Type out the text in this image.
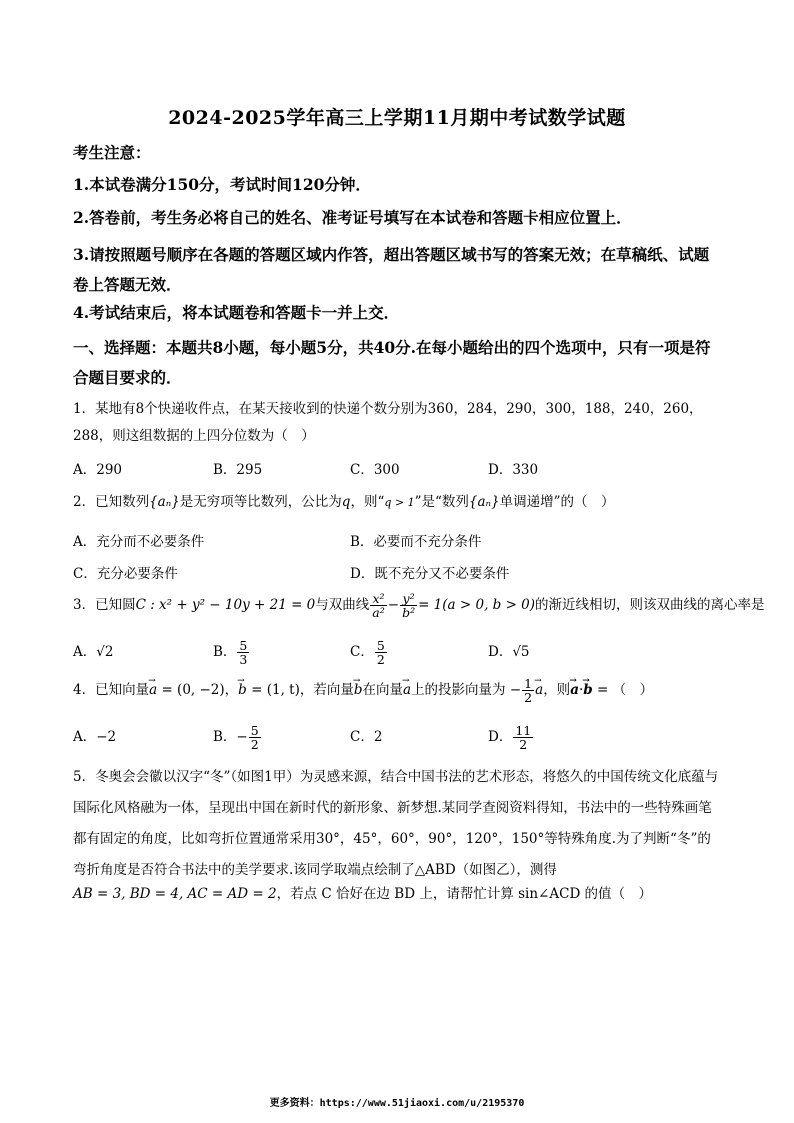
2024-2025学年高三上学期11月期中考试数学试题
考生注意：
1.本试卷满分150分，考试时间120分钟．
2.答卷前，考生务必将自己的姓名、准考证号填写在本试卷和答题卡相应位置上．
3.请按照题号顺序在各题的答题区域内作答，超出答题区域书写的答案无效；在草稿纸、试题卷上答题无效．
4.考试结束后，将本试题卷和答题卡一并上交．
一、选择题：本题共8小题，每小题5分，共40分.在每小题给出的四个选项中，只有一项是符合题目要求的．
1．某地有8个快递收件点，在某天接收到的快递个数分别为360，284，290，300，188，240，260，288，则这组数据的上四分位数为（　）
A．290	B．295	C．300	D．330
2．已知数列{aₙ}是无穷项等比数列，公比为q，则“q > 1”是“数列{aₙ}单调递增”的（　）
A．充分而不必要条件	B．必要而不充分条件
C．充分必要条件	D．既不充分又不必要条件
3．已知圆C : x² + y² − 10y + 21 = 0与双曲线 $\frac{\text{x²}}{\text{a²}} - \frac{\text{y²}}{\text{b²}} = 1(a > 0$, b > 0)的渐近线相切，则该双曲线的离心率是
A．√2	B． $\frac{5}{3}$	C． $\frac{5}{2}$	D．√5
4．已知向量→ a = (0, −2)，→ b = (1, t)，若向量→ b在向量→ a上的投影向量为 − $\frac{1}{2}$
→ a，则→ a·→ b = （　）
A．−2	B．− $\frac{5}{2}$	C．2	D． $\frac{11}{2}$
5．冬奥会会徽以汉字“冬”（如图1甲）为灵感来源，结合中国书法的艺术形态，将悠久的中国传统文化底蕴与国际化风格融为一体，呈现出中国在新时代的新形象、新梦想.某同学查阅资料得知，书法中的一些特殊画笔都有固定的角度，比如弯折位置通常采用30°，45°，60°，90°，120°，150°等特殊角度.为了判断“冬”的弯折角度是否符合书法中的美学要求.该同学取端点绘制了△ABD（如图乙），测得
AB = 3, BD = 4, AC = AD = 2，若点 C 恰好在边 BD 上，请帮忙计算 sin∠ACD 的值（　）
更多资料：https://www.51jiaoxi.com/u/2195370
